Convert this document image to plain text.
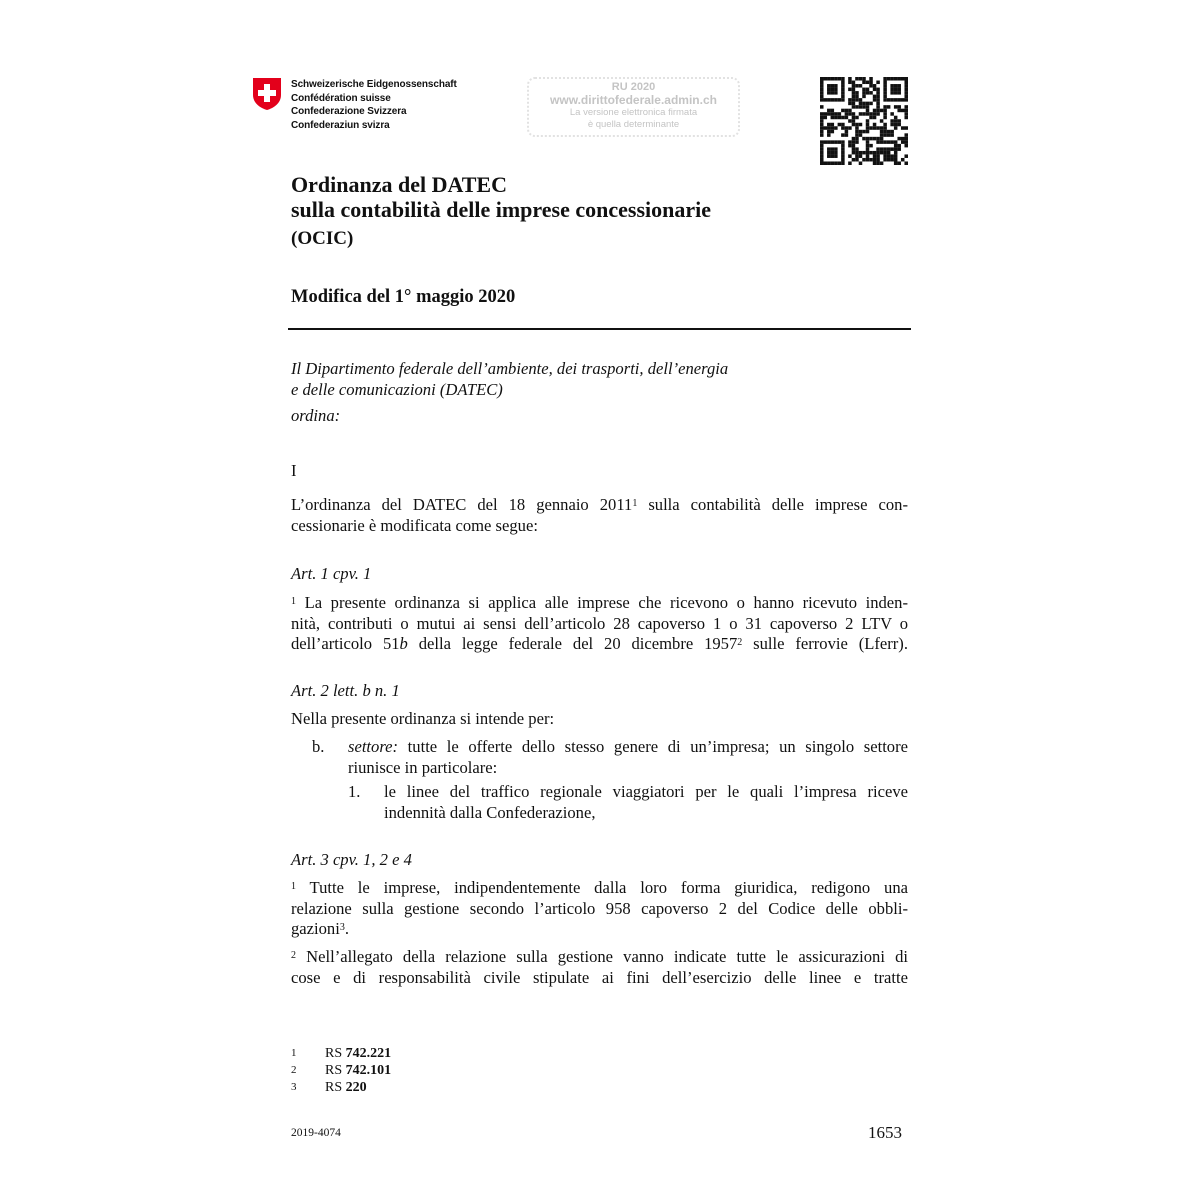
Schweizerische Eidgenossenschaft
Confédération suisse
Confederazione Svizzera
Confederaziun svizra
RU 2020
www.dirittofederale.admin.ch
La versione elettronica firmata
è quella determinante
Ordinanza del DATEC
sulla contabilità delle imprese concessionarie
(OCIC)
Modifica del 1° maggio 2020
Il Dipartimento federale dell’ambiente, dei trasporti, dell’energia
e delle comunicazioni (DATEC)
ordina:
I
L’ordinanza del DATEC del 18 gennaio 2011$^1$ sulla contabilità delle imprese con-
cessionarie è modificata come segue:
Art. 1 cpv. 1
$^1$ La presente ordinanza si applica alle imprese che ricevono o hanno ricevuto inden-
nità, contributi o mutui ai sensi dell’articolo 28 capoverso 1 o 31 capoverso 2 LTV o
dell’articolo 51b della legge federale del 20 dicembre 1957$^2$ sulle ferrovie (Lferr).
Art. 2 lett. b n. 1
Nella presente ordinanza si intende per:
b. settore: tutte le offerte dello stesso genere di un’impresa; un singolo settore
riunisce in particolare:
1. le linee del traffico regionale viaggiatori per le quali l’impresa riceve
indennità dalla Confederazione,
Art. 3 cpv. 1, 2 e 4
$^1$ Tutte le imprese, indipendentemente dalla loro forma giuridica, redigono una
relazione sulla gestione secondo l’articolo 958 capoverso 2 del Codice delle obbli-
gazioni$^3$.
$^2$ Nell’allegato della relazione sulla gestione vanno indicate tutte le assicurazioni di
cose e di responsabilità civile stipulate ai fini dell’esercizio delle linee e tratte
1 RS 742.221
2 RS 742.101
3 RS 220
2019-4074	1653
